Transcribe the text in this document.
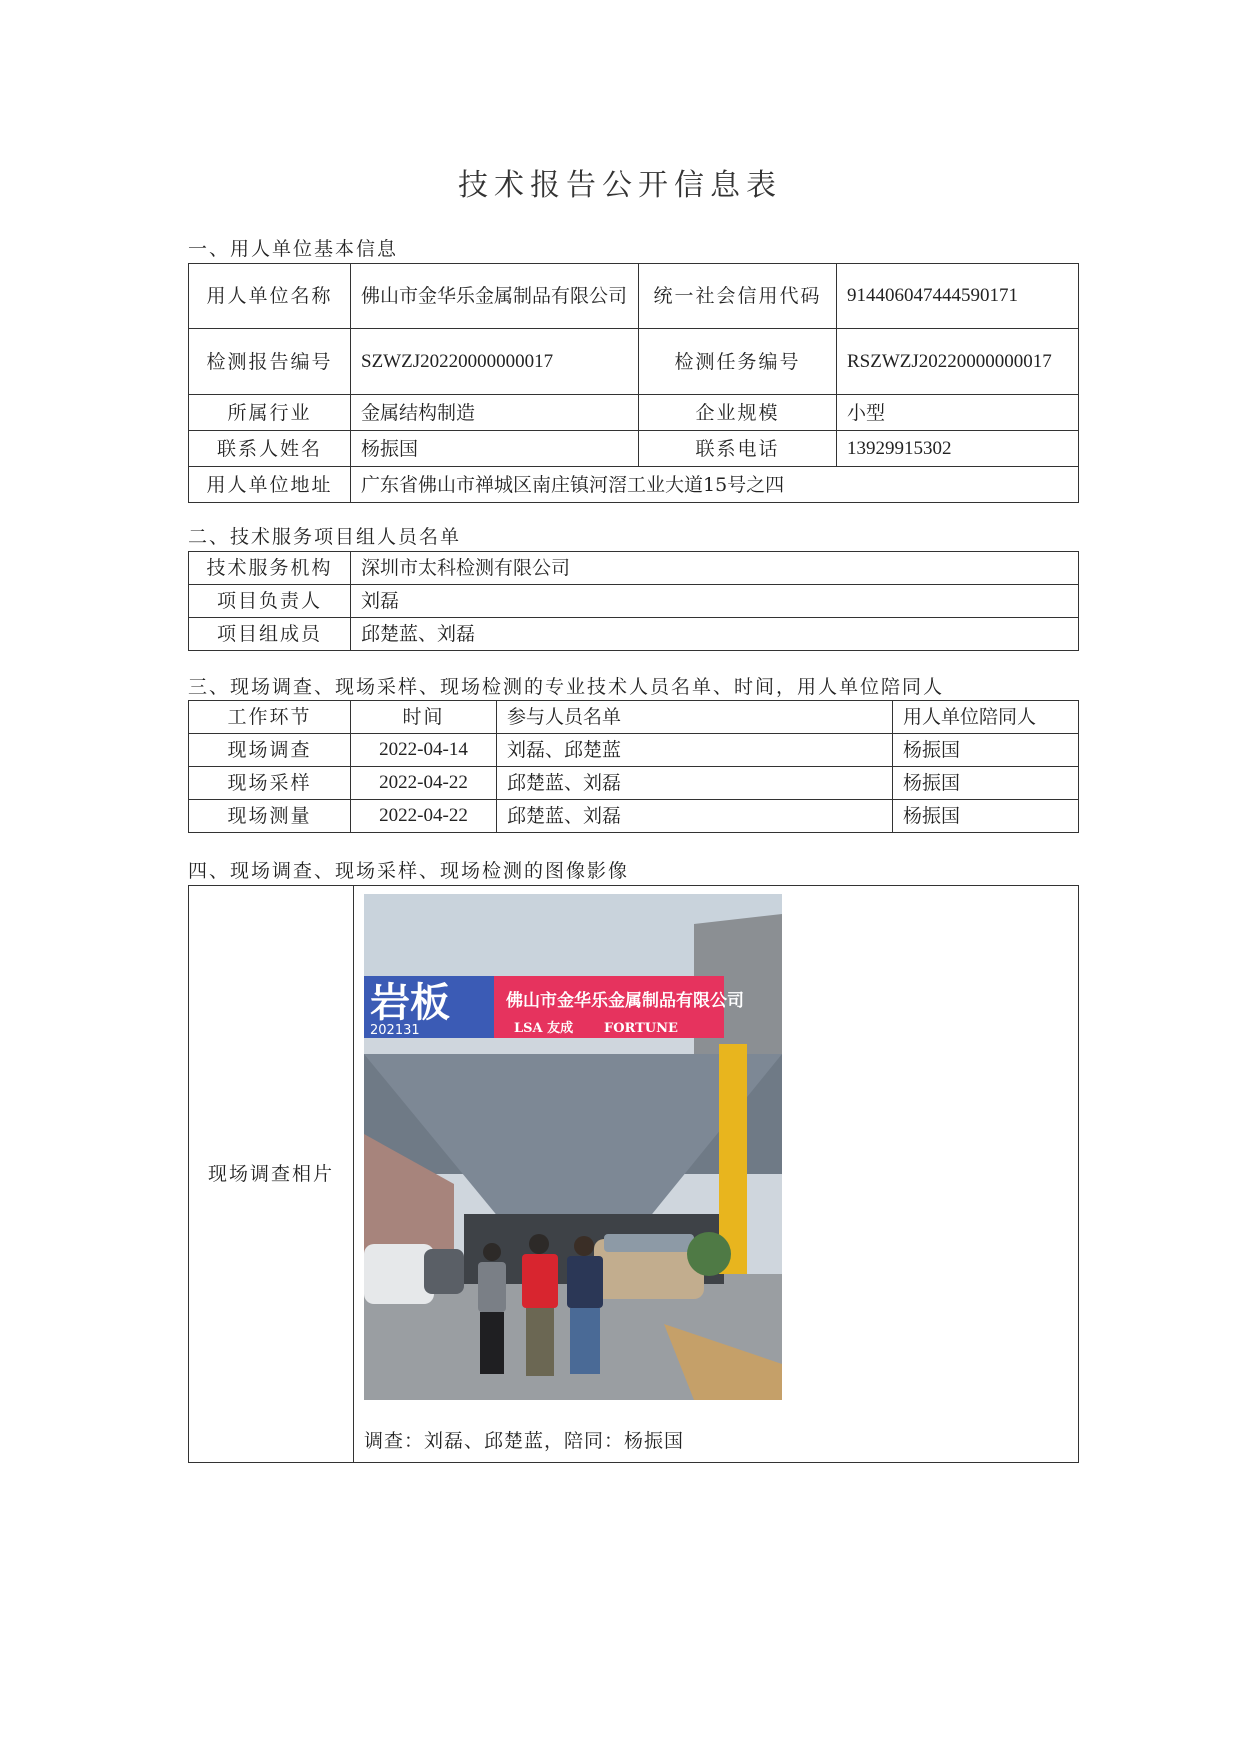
技术报告公开信息表
一、用人单位基本信息
用人单位名称	佛山市金华乐金属制品有限公司	统一社会信用代码	914406047444590171
检测报告编号	SZWZJ20220000000017	检测任务编号	RSZWZJ20220000000017
所属行业	金属结构制造	企业规模	小型
联系人姓名	杨振国	联系电话	13929915302
用人单位地址	广东省佛山市禅城区南庄镇河滘工业大道15号之四		
二、技术服务项目组人员名单
技术服务机构	深圳市太科检测有限公司
项目负责人	刘磊
项目组成员	邱楚蓝、刘磊
三、现场调查、现场采样、现场检测的专业技术人员名单、时间，用人单位陪同人
工作环节	时间	参与人员名单	用人单位陪同人
现场调查	2022-04-14	刘磊、邱楚蓝	杨振国
现场采样	2022-04-22	邱楚蓝、刘磊	杨振国
现场测量	2022-04-22	邱楚蓝、刘磊	杨振国
四、现场调查、现场采样、现场检测的图像影像
现场调查相片	
岩板
202131
佛山市金华乐金属制品有限公司
LSA 友成 FORTUNE
调查：刘磊、邱楚蓝，陪同：杨振国
